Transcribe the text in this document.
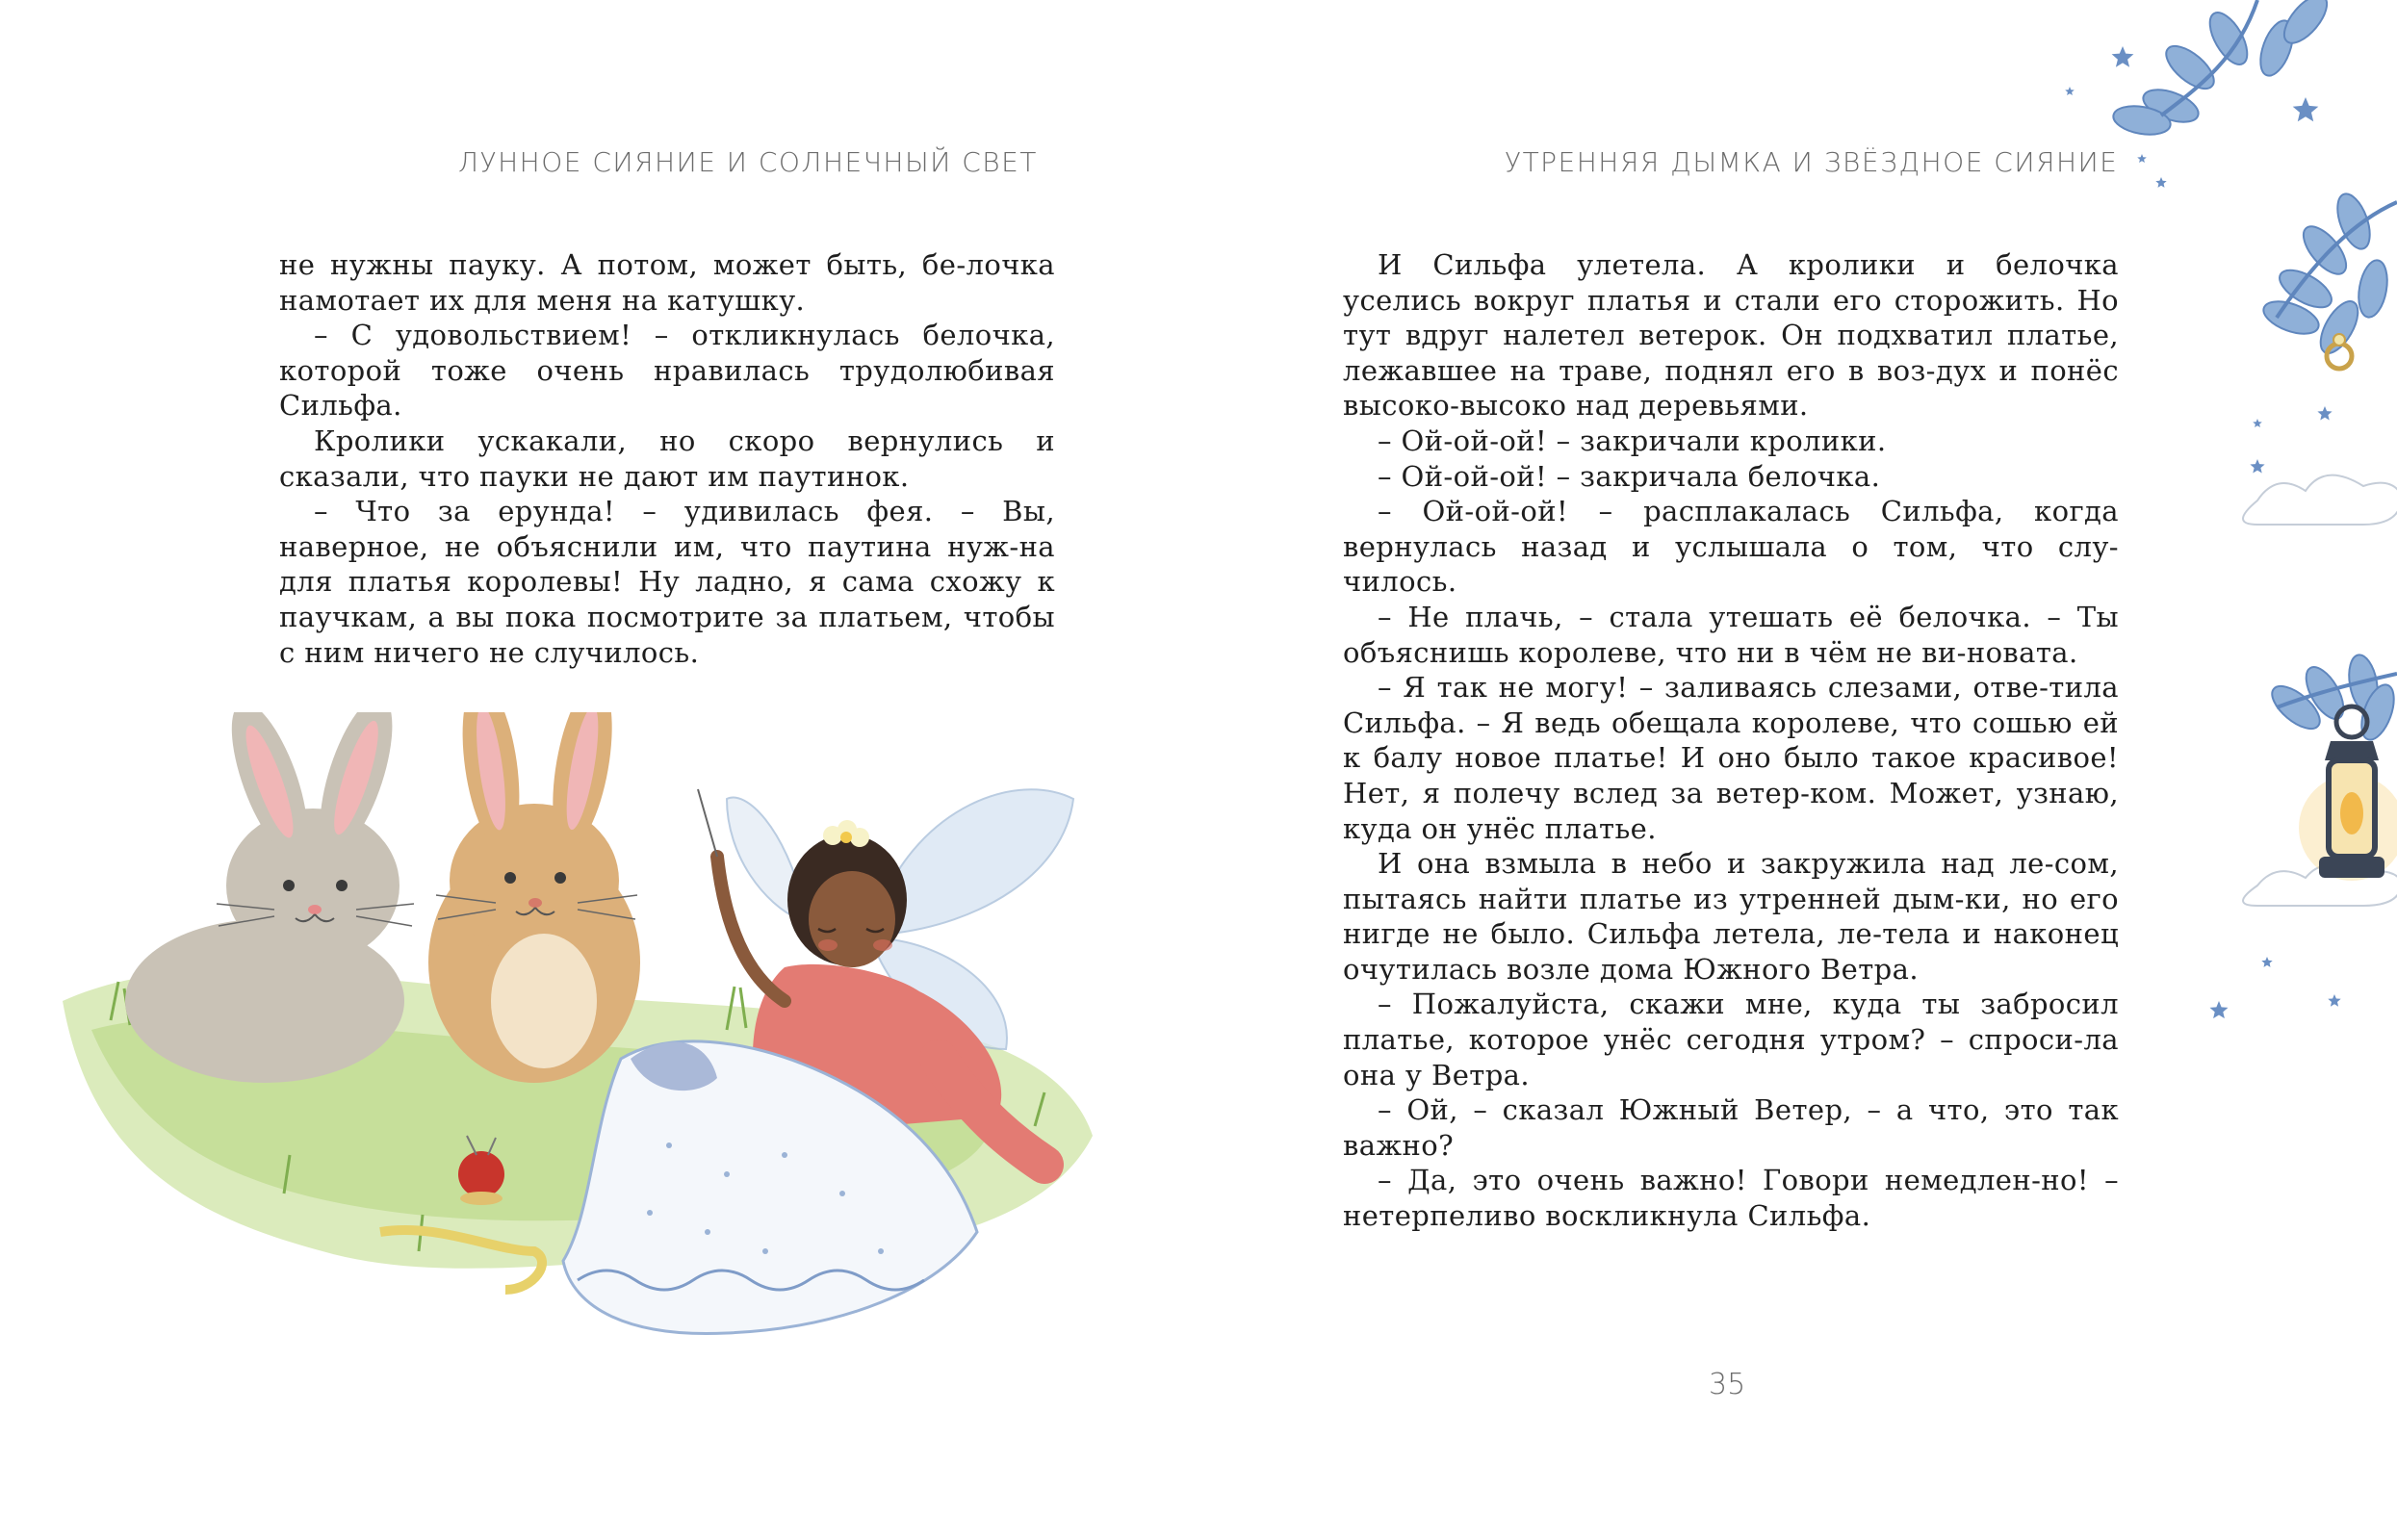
ЛУННОЕ СИЯНИЕ И СОЛНЕЧНЫЙ СВЕТ

не нужны пауку. А потом, может быть, бе-лочка намотает их для меня на катушку.

– С удовольствием! – откликнулась белочка, которой тоже очень нравилась трудолюбивая Сильфа.

Кролики ускакали, но скоро вернулись и сказали, что пауки не дают им паутинок.

– Что за ерунда! – удивилась фея. – Вы, наверное, не объяснили им, что паутина нуж-на для платья королевы! Ну ладно, я сама схожу к паучкам, а вы пока посмотрите за платьем, чтобы с ним ничего не случилось.

УТРЕННЯЯ ДЫМКА И ЗВЁЗДНОЕ СИЯНИЕ

И Сильфа улетела. А кролики и белочка уселись вокруг платья и стали его сторожить. Но тут вдруг налетел ветерок. Он подхватил платье, лежавшее на траве, поднял его в воз-дух и понёс высоко-высоко над деревьями.

– Ой-ой-ой! – закричали кролики.

– Ой-ой-ой! – закричала белочка.

– Ой-ой-ой! – расплакалась Сильфа, когда вернулась назад и услышала о том, что слу-чилось.

– Не плачь, – стала утешать её белочка. – Ты объяснишь королеве, что ни в чём не ви-новата.

– Я так не могу! – заливаясь слезами, отве-тила Сильфа. – Я ведь обещала королеве, что сошью ей к балу новое платье! И оно было такое красивое! Нет, я полечу вслед за ветер-ком. Может, узнаю, куда он унёс платье.

И она взмыла в небо и закружила над ле-сом, пытаясь найти платье из утренней дым-ки, но его нигде не было. Сильфа летела, ле-тела и наконец очутилась возле дома Южного Ветра.

– Пожалуйста, скажи мне, куда ты забросил платье, которое унёс сегодня утром? – спроси-ла она у Ветра.

– Ой, – сказал Южный Ветер, – а что, это так важно?

– Да, это очень важно! Говори немедлен-но! – нетерпеливо воскликнула Сильфа.

35
